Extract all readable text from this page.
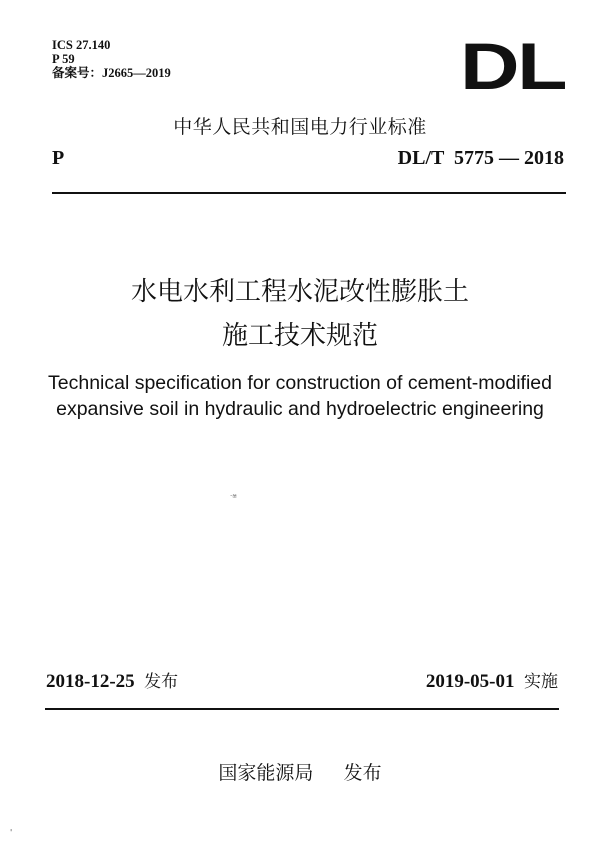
ICS 27.140
P 59
备案号：J2665—2019	DL
中华人民共和国电力行业标准
P	DL/T  5775 — 2018
水电水利工程水泥改性膨胀土
施工技术规范
Technical specification for construction of cement-modified
expansive soil in hydraulic and hydroelectric engineering
·ෂ
2018-12-25 发布	2019-05-01 实施
国家能源局 发布
'
